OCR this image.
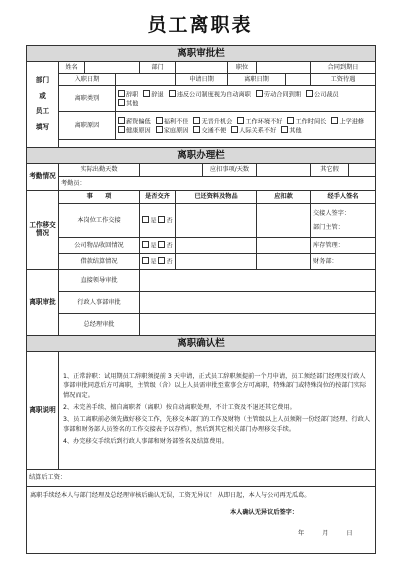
员工离职表
离职审批栏											
部门

或

员工

填写	姓名			部门			职位			合同到期日	
	入职日期				申请日期		离职日期			工资待遇	
	离职类别		辞职 辞退 违反公司制度视为自动离职 劳动合同到期 公司裁员
其他								
	离职原因		薪资偏低 福利不佳 无晋升机会 工作环境不好 工作时间长 上学进修
健康原因 家庭原因 交通不便 人际关系不好 其他								

离职办理栏											
考勤情况	实际出勤天数					应扣事项/天数				其它假	
	考勤员：										
工作移交情况	事　　项			是否交齐	已还资料及物品			应扣款		经手人签名	
	本岗位工作交接			是 否						交接人签字：
部门主管：	

	公司物品收回情况			是 否						库存管理：	
	借款结算情况			是 否						财务部：	
离职审批	直接领导审批										
	行政人事部审批										
	总经理审批										
离职确认栏											
离职说明	1、正常辞职：试用期员工辞职须提前 3 天申请，正式员工辞职须提前一个月申请，员工须经部门经理及行政人事部审批同意后方可离职，主管级（含）以上人员需审批至董事会方可离职，特殊部门或特殊岗位的按部门实际情况而定。

2、未完善手续、擅自离职者（离职）按自动离职处理，不计工资及不退还其它费用。

3、员工离职前必须先做好移交工作，先移交本部门的工作及财物（主管级以上人员须附一份经部门经理、行政人事部和财务部人员签名的工作交接表予以存档），然后到其它相关部门办理移交手续。

4、办完移交手续后到行政人事部和财务部签名及结算费用。										

结算后工资：											

离职手续经本人与部门经理及总经理审核后确认无误，工资无异议！ 从即日起，本人与公司再无瓜葛。
本人确认无异议后签字：
年 月 日											
